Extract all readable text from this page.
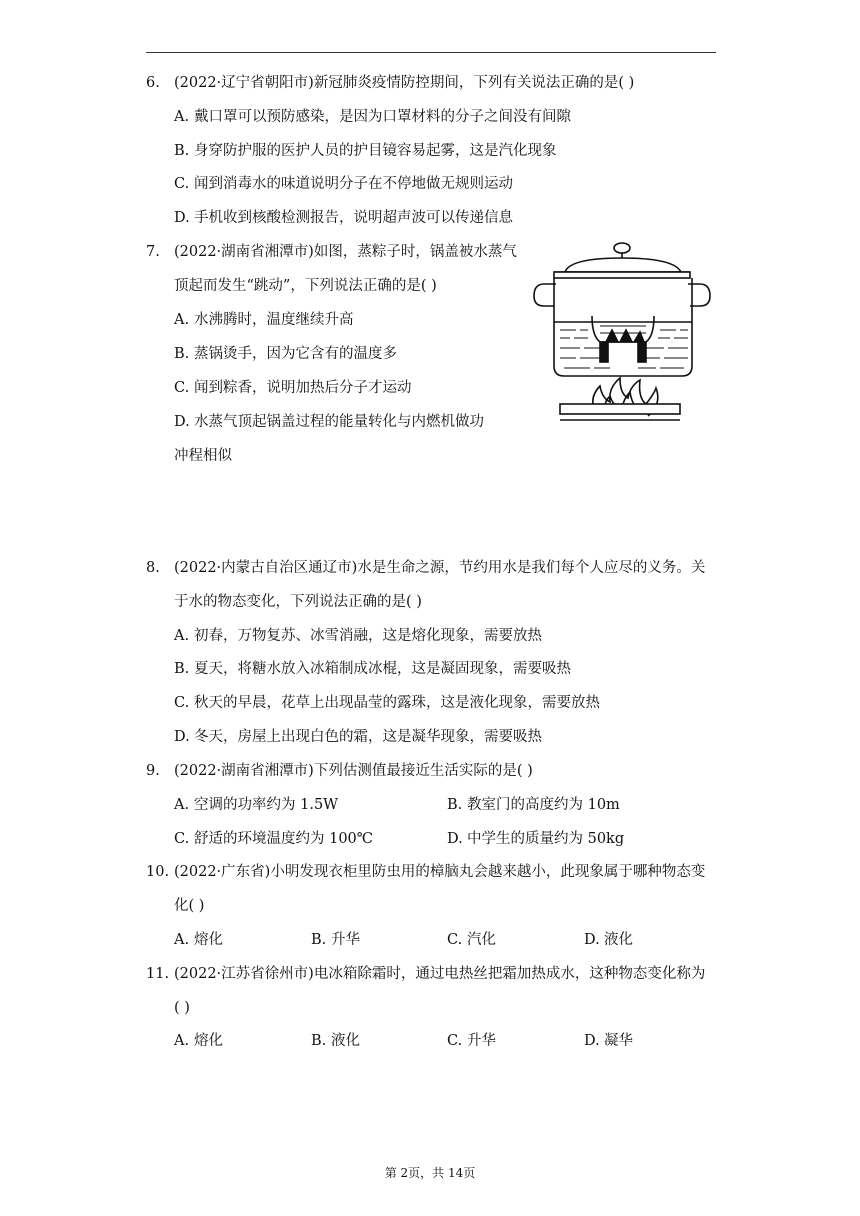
6. (2022·辽宁省朝阳市)新冠肺炎疫情防控期间，下列有关说法正确的是( )
A. 戴口罩可以预防感染，是因为口罩材料的分子之间没有间隙
B. 身穿防护服的医护人员的护目镜容易起雾，这是汽化现象
C. 闻到消毒水的味道说明分子在不停地做无规则运动
D. 手机收到核酸检测报告，说明超声波可以传递信息
7. (2022·湖南省湘潭市)如图，蒸粽子时，锅盖被水蒸气
顶起而发生“跳动”，下列说法正确的是( )
A. 水沸腾时，温度继续升高
B. 蒸锅烫手，因为它含有的温度多
C. 闻到粽香，说明加热后分子才运动
D. 水蒸气顶起锅盖过程的能量转化与内燃机做功
冲程相似
8. (2022·内蒙古自治区通辽市)水是生命之源，节约用水是我们每个人应尽的义务。关
于水的物态变化，下列说法正确的是( )
A. 初春，万物复苏、冰雪消融，这是熔化现象，需要放热
B. 夏天，将糖水放入冰箱制成冰棍，这是凝固现象，需要吸热
C. 秋天的早晨，花草上出现晶莹的露珠，这是液化现象，需要放热
D. 冬天，房屋上出现白色的霜，这是凝华现象，需要吸热
9. (2022·湖南省湘潭市)下列估测值最接近生活实际的是( )
A. 空调的功率约为 1.5W	B. 教室门的高度约为 10m
C. 舒适的环境温度约为 100℃	D. 中学生的质量约为 50kg
10. (2022·广东省)小明发现衣柜里防虫用的樟脑丸会越来越小，此现象属于哪种物态变
化( )
A. 熔化	B. 升华	C. 汽化	D. 液化
11. (2022·江苏省徐州市)电冰箱除霜时，通过电热丝把霜加热成水，这种物态变化称为
( )
A. 熔化	B. 液化	C. 升华	D. 凝华
第 2页，共 14页
